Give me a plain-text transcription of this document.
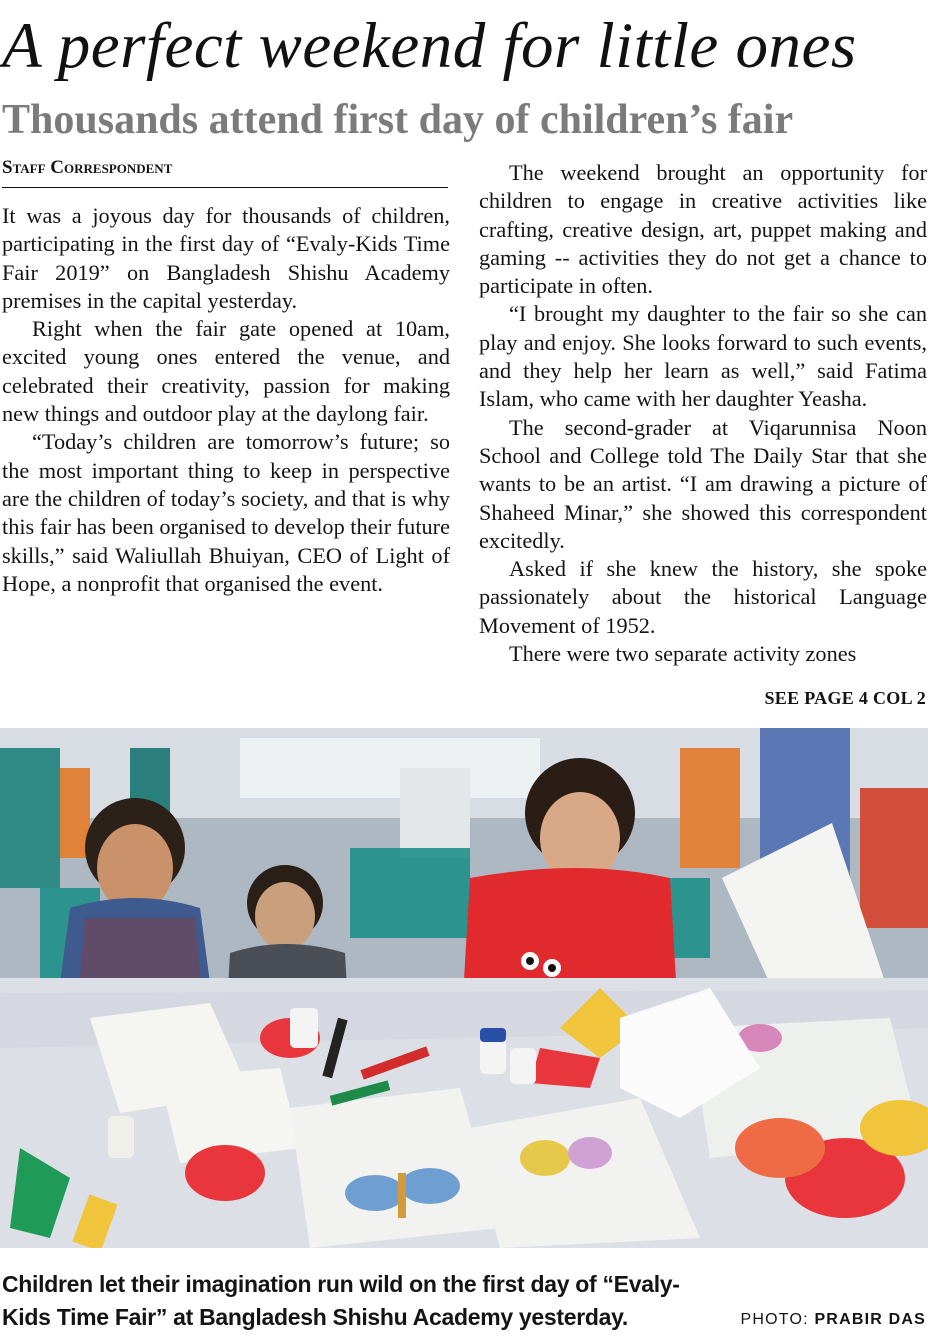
A perfect weekend for little ones
Thousands attend first day of children’s fair
Staff Correspondent

It was a joyous day for thousands of children, participating in the first day of “Evaly-Kids Time Fair 2019” on Bangladesh Shishu Academy premises in the capital yesterday.

Right when the fair gate opened at 10am, excited young ones entered the venue, and celebrated their creativity, passion for making new things and outdoor play at the daylong fair.

“Today’s children are tomorrow’s future; so the most important thing to keep in perspective are the children of today’s society, and that is why this fair has been organised to develop their future skills,” said Waliullah Bhuiyan, CEO of Light of Hope, a nonprofit that organised the event.

The weekend brought an opportunity for children to engage in creative activities like crafting, creative design, art, puppet making and gaming -- activities they do not get a chance to participate in often.

“I brought my daughter to the fair so she can play and enjoy. She looks forward to such events, and they help her learn as well,” said Fatima Islam, who came with her daughter Yeasha.

The second-grader at Viqarunnisa Noon School and College told The Daily Star that she wants to be an artist. “I am drawing a picture of Shaheed Minar,” she showed this correspondent excitedly.

Asked if she knew the history, she spoke passionately about the historical Language Movement of 1952.

There were two separate activity zones

SEE PAGE 4 COL 2
Children let their imagination run wild on the first day of “Evaly-Kids Time Fair” at Bangladesh Shishu Academy yesterday.	PHOTO: PRABIR DAS
